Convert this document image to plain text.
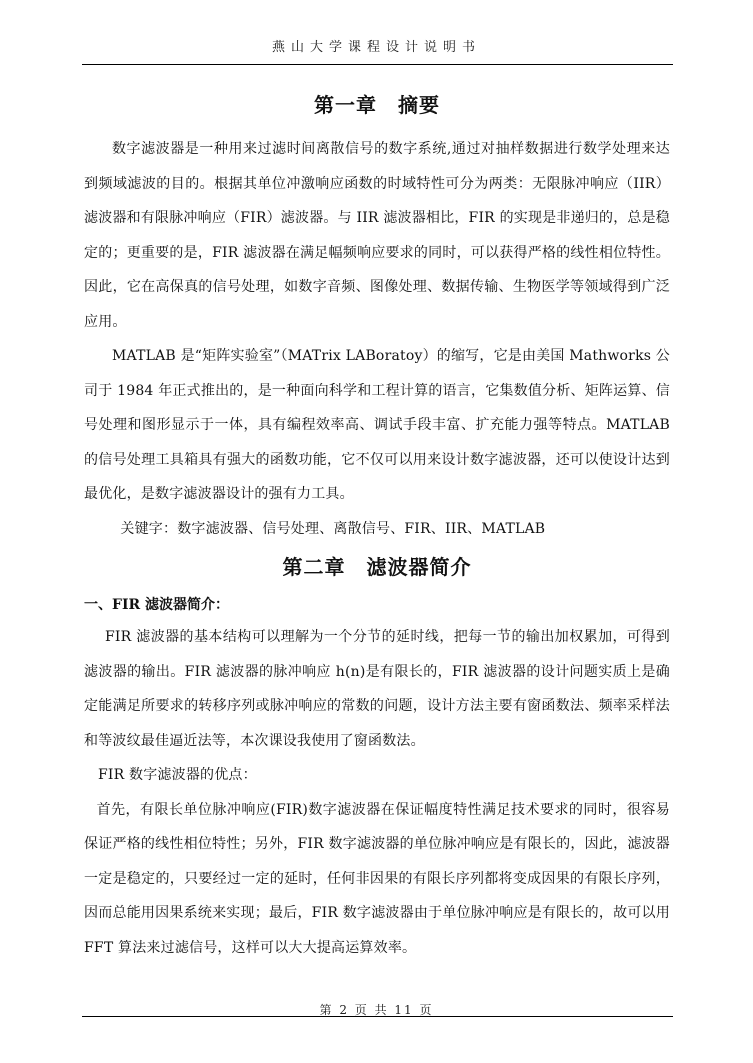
燕山大学课程设计说明书
第一章　摘要

数字滤波器是一种用来过滤时间离散信号的数字系统,通过对抽样数据进行数学处理来达到频域滤波的目的。根据其单位冲激响应函数的时域特性可分为两类：无限脉冲响应（IIR）滤波器和有限脉冲响应（FIR）滤波器。与 IIR 滤波器相比，FIR 的实现是非递归的，总是稳定的；更重要的是，FIR 滤波器在满足幅频响应要求的同时，可以获得严格的线性相位特性。因此，它在高保真的信号处理，如数字音频、图像处理、数据传输、生物医学等领域得到广泛应用。

MATLAB 是“矩阵实验室”（MATrix LABoratoy）的缩写，它是由美国 Mathworks 公司于 1984 年正式推出的，是一种面向科学和工程计算的语言，它集数值分析、矩阵运算、信号处理和图形显示于一体，具有编程效率高、调试手段丰富、扩充能力强等特点。MATLAB 的信号处理工具箱具有强大的函数功能，它不仅可以用来设计数字滤波器，还可以使设计达到最优化，是数字滤波器设计的强有力工具。

关键字：数字滤波器、信号处理、离散信号、FIR、IIR、MATLAB

第二章　滤波器简介
一、FIR 滤波器简介：

FIR 滤波器的基本结构可以理解为一个分节的延时线，把每一节的输出加权累加，可得到滤波器的输出。FIR 滤波器的脉冲响应 h(n)是有限长的，FIR 滤波器的设计问题实质上是确定能满足所要求的转移序列或脉冲响应的常数的问题，设计方法主要有窗函数法、频率采样法和等波纹最佳逼近法等，本次课设我使用了窗函数法。

FIR 数字滤波器的优点：

首先，有限长单位脉冲响应(FIR)数字滤波器在保证幅度特性满足技术要求的同时，很容易保证严格的线性相位特性；另外，FIR 数字滤波器的单位脉冲响应是有限长的，因此，滤波器一定是稳定的，只要经过一定的延时，任何非因果的有限长序列都将变成因果的有限长序列，因而总能用因果系统来实现；最后，FIR 数字滤波器由于单位脉冲响应是有限长的，故可以用 FFT 算法来过滤信号，这样可以大大提高运算效率。

第 2 页 共 11 页
